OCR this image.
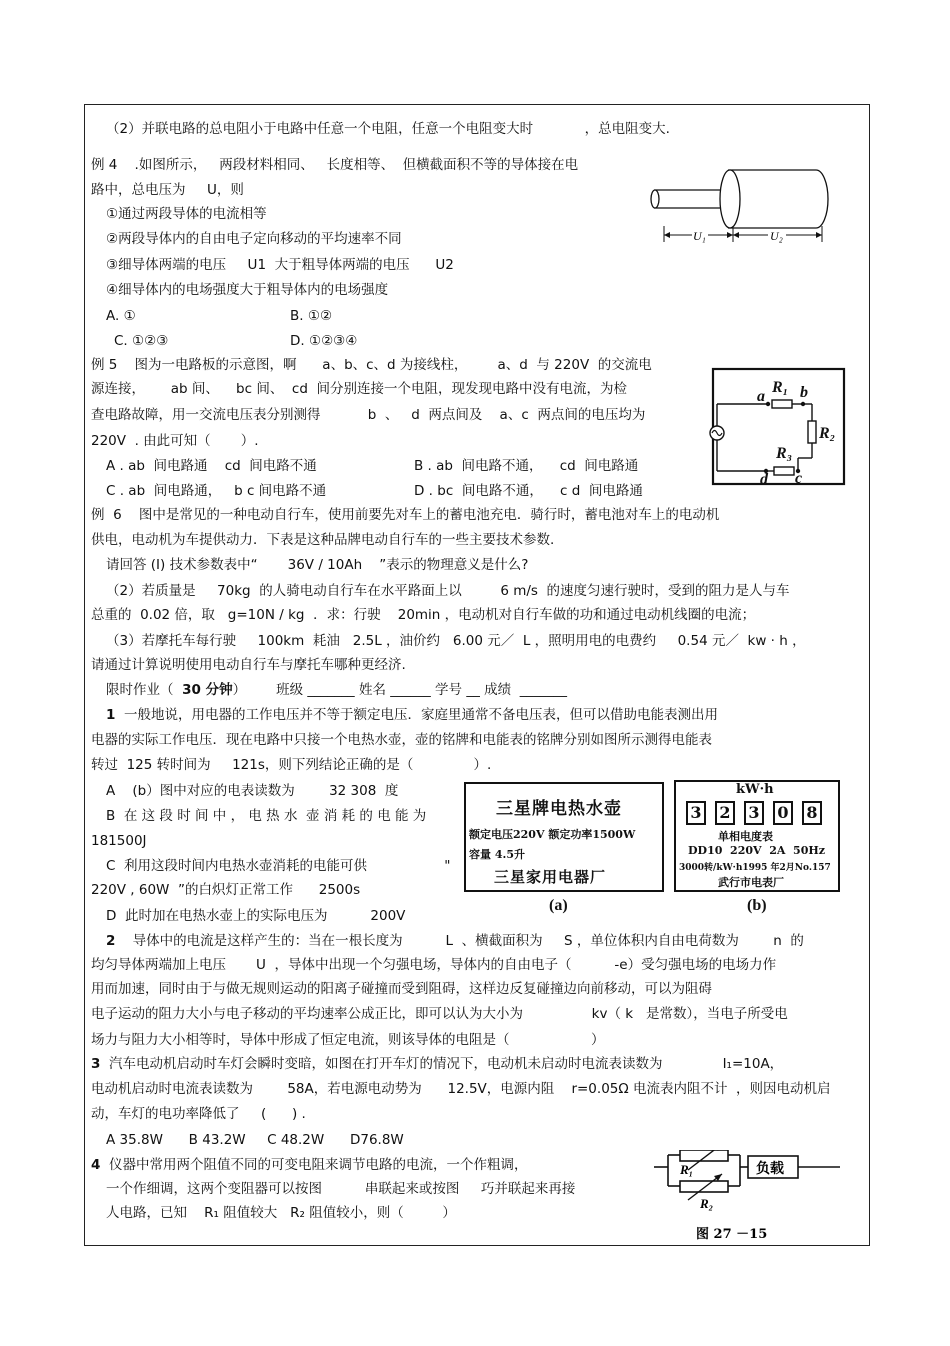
（2）并联电路的总电阻小于电路中任意一个电阻，任意一个电阻变大时            ，总电阻变大.
例 4    .如图所示，   两段材料相同、   长度相等、  但横截面积不等的导体接在电
路中，总电压为     U，则
①通过两段导体的电流相等
②两段导体内的自由电子定向移动的平均速率不同
③细导体两端的电压     U1  大于粗导体两端的电压      U2
④细导体内的电场强度大于粗导体内的电场强度
A. ①	B. ①②
C. ①②③	D. ①②③④
例 5    图为一电路板的示意图，啊      a、b、c、d 为接线柱，       a、d  与 220V  的交流电
源连接，      ab 间、    bc 间、  cd  间分别连接一个电阻，现发现电路中没有电流，为检
查电路故障，用一交流电压表分别测得           b  、   d  两点间及    a、c  两点间的电压均为
220V  . 由此可知（       ）.
A . ab  间电路通    cd  间电路不通	B . ab  间电路不通，    cd  间电路通
C . ab  间电路通，   b c 间电路不通	D . bc  间电路不通，    c d  间电路通
例  6    图中是常见的一种电动自行车，使用前要先对车上的蓄电池充电．骑行时，蓄电池对车上的电动机
供电，电动机为车提供动力．下表是这种品牌电动自行车的一些主要技术参数.
请回答 (I) 技术参数表中“       36V / 10Ah    ”表示的物理意义是什么?
（2）若质量是     70kg  的人骑电动自行车在水平路面上以         6 m/s  的速度匀速行驶时，受到的阻力是人与车
总重的  0.02 倍，取   g=10N / kg  ．求：行驶    20min ，电动机对自行车做的功和通过电动机线圈的电流；
（3）若摩托车每行驶     100km  耗油   2.5L ，油价约   6.00 元／  L ，照明用电的电费约     0.54 元／  kw · h ，
请通过计算说明使用电动自行车与摩托车哪种更经济.
限时作业（  30 分钟）       班级 _______ 姓名 ______ 学号 __ 成绩  _______
1  一般地说，用电器的工作电压并不等于额定电压．家庭里通常不备电压表，但可以借助电能表测出用
电器的实际工作电压．现在电路中只接一个电热水壶，壶的铭牌和电能表的铭牌分别如图所示测得电能表
转过  125 转时间为     121s，则下列结论正确的是（              ）.
A    (b）图中对应的电表读数为        32 308  度
B  在 这 段 时 间 中 ， 电 热 水  壶 消 耗 的 电 能 为
181500J
C  利用这段时间内电热水壶消耗的电能可供                  "
220V , 60W  ”的白炽灯正常工作      2500s
D  此时加在电热水壶上的实际电压为          200V
2    导体中的电流是这样产生的：当在一根长度为          L  、横截面积为     S ，单位体积内自由电荷数为        n  的
均匀导体两端加上电压       U  ，导体中出现一个匀强电场，导体内的自由电子（          -e）受匀强电场的电场力作
用而加速，同时由于与做无规则运动的阳离子碰撞而受到阻碍，这样边反复碰撞边向前移动，可以为阻碍
电子运动的阻力大小与电子移动的平均速率公成正比，即可以认为大小为                kv（ k   是常数），当电子所受电
场力与阻力大小相等时，导体中形成了恒定电流，则该导体的电阻是（                   ）
3  汽车电动机启动时车灯会瞬时变暗，如图在打开车灯的情况下，电动机未启动时电流表读数为              I₁=10A，
电动机启动时电流表读数为        58A，若电源电动势为      12.5V，电源内阻    r=0.05Ω 电流表内阻不计  ，则因电动机启
动，车灯的电功率降低了     (      ) .
A 35.8W      B 43.2W     C 48.2W      D76.8W
4  仪器中常用两个阻值不同的可变电阻来调节电路的电流，一个作粗调，
一个作细调，这两个变阻器可以按图          串联起来或按图     巧并联起来再接
人电路，已知    R₁ 阻值较大   R₂ 阻值较小，则（         ）
U₁	U₂
a b
c
d
R₁
R₂
R₃
三星牌电热水壶
额定电压220V 额定功率1500W
容量 4.5升
三星家用电器厂
(a)
kW·h

3 2 3 0 8

单相电度表
DD10  220V  2A  50Hz
3000转/kW·h1995 年2月No.157
武行市电表厂
(b)
负载
R₁
R₂
图 27 －15
